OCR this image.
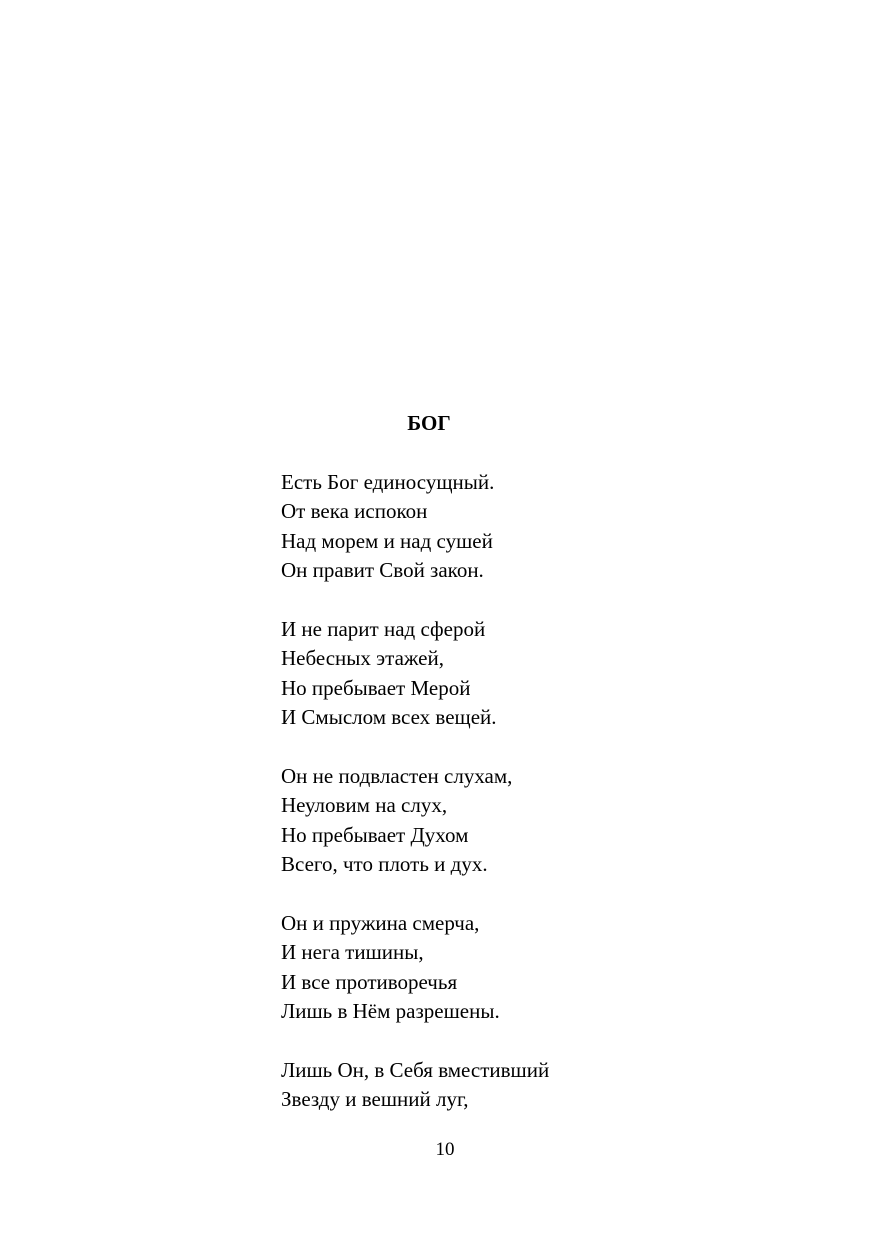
БОГ
Есть Бог единосущный.
От века испокон
Над морем и над сушей
Он правит Свой закон.
И не парит над сферой
Небесных этажей,
Но пребывает Мерой
И Смыслом всех вещей.
Он не подвластен слухам,
Неуловим на слух,
Но пребывает Духом
Всего, что плоть и дух.
Он и пружина смерча,
И нега тишины,
И все противоречья
Лишь в Нём разрешены.
Лишь Он, в Себя вместивший
Звезду и вешний луг,
10
